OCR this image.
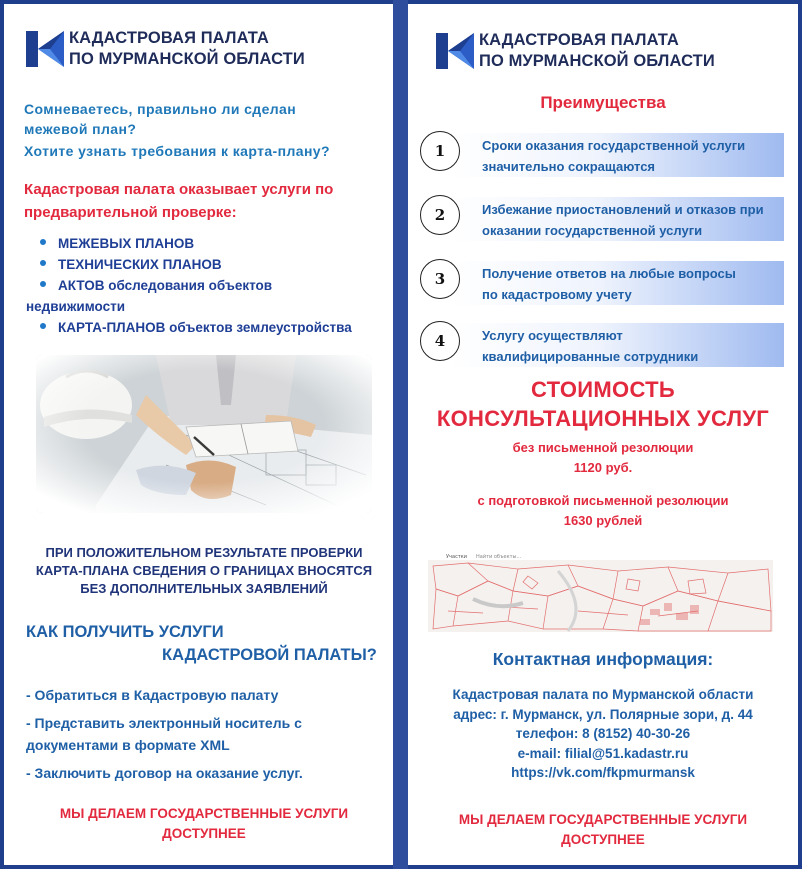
КАДАСТРОВАЯ ПАЛАТА
ПО МУРМАНСКОЙ ОБЛАСТИ
Сомневаетесь, правильно ли сделан
межевой план?
Хотите узнать требования к карта-плану?
Кадастровая палата оказывает услуги по
предварительной проверке:
МЕЖЕВЫХ ПЛАНОВ
ТЕХНИЧЕСКИХ ПЛАНОВ
АКТОВ обследования объектов
недвижимости
КАРТА-ПЛАНОВ объектов землеустройства
ПРИ ПОЛОЖИТЕЛЬНОМ РЕЗУЛЬТАТЕ ПРОВЕРКИ
КАРТА-ПЛАНА СВЕДЕНИЯ О ГРАНИЦАХ ВНОСЯТСЯ
БЕЗ ДОПОЛНИТЕЛЬНЫХ ЗАЯВЛЕНИЙ
КАК ПОЛУЧИТЬ УСЛУГИ
КАДАСТРОВОЙ ПАЛАТЫ?
- Обратиться в Кадастровую палату
- Представить электронный носитель с
документами в формате XML
- Заключить договор на оказание услуг.
МЫ ДЕЛАЕМ ГОСУДАРСТВЕННЫЕ УСЛУГИ
ДОСТУПНЕЕ
КАДАСТРОВАЯ ПАЛАТА
ПО МУРМАНСКОЙ ОБЛАСТИ
Преимущества
1	Сроки оказания государственной услуги
значительно сокращаются
2	Избежание приостановлений и отказов при
оказании государственной услуги
3	Получение ответов на любые вопросы
по кадастровому учету
4	Услугу осуществляют
квалифицированные сотрудники
СТОИМОСТЬ
КОНСУЛЬТАЦИОННЫХ УСЛУГ
без письменной резолюции
1120 руб.
с подготовкой письменной резолюции
1630 рублей
Участки Найти объекты...
Контактная информация:
Кадастровая палата по Мурманской области
адрес: г. Мурманск, ул. Полярные зори, д. 44
телефон: 8 (8152) 40-30-26
e-mail: filial@51.kadastr.ru
https://vk.com/fkpmurmansk
МЫ ДЕЛАЕМ ГОСУДАРСТВЕННЫЕ УСЛУГИ
ДОСТУПНЕЕ
